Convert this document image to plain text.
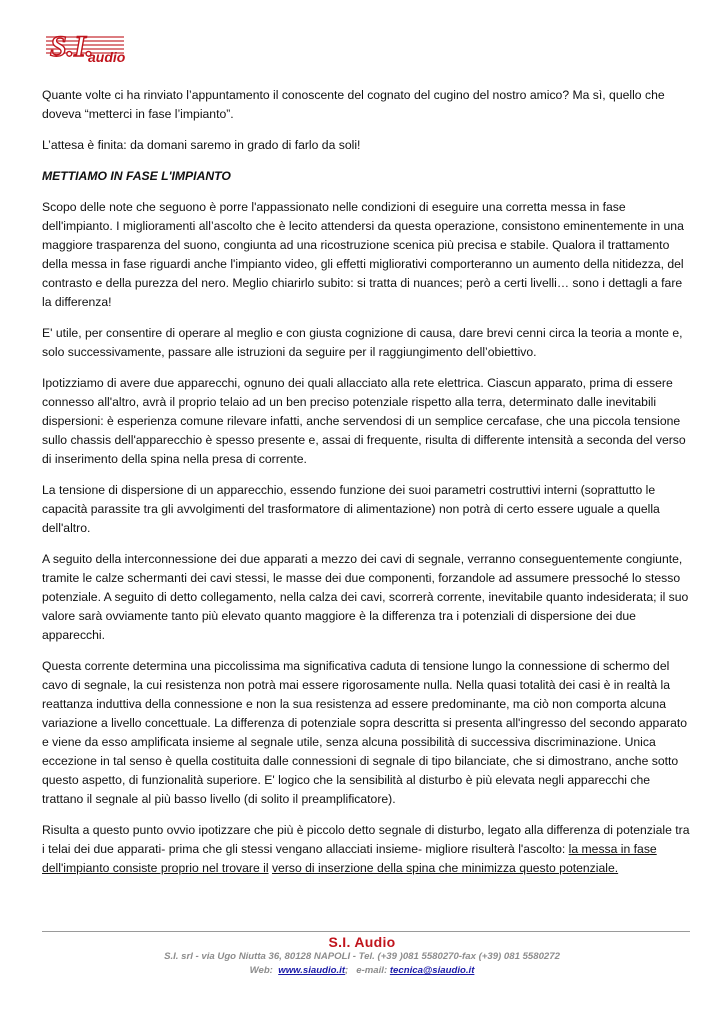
S.I.
audio

Quante volte ci ha rinviato l’appuntamento il conoscente del cognato del cugino del nostro amico? Ma sì, quello che doveva “metterci in fase l’impianto”.

L’attesa è finita: da domani saremo in grado di farlo da soli!

METTIAMO IN FASE L'IMPIANTO

Scopo delle note che seguono è porre l'appassionato nelle condizioni di eseguire una corretta messa in fase dell'impianto. I miglioramenti all’ascolto che è lecito attendersi da questa operazione, consistono eminentemente in una maggiore trasparenza del suono, congiunta ad una ricostruzione scenica più precisa e stabile. Qualora il trattamento della messa in fase riguardi anche l'impianto video, gli effetti migliorativi comporteranno un aumento della nitidezza, del contrasto e della purezza del nero. Meglio chiarirlo subito: si tratta di nuances; però a certi livelli… sono i dettagli a fare la differenza!

E' utile, per consentire di operare al meglio e con giusta cognizione di causa, dare brevi cenni circa la teoria a monte e, solo successivamente, passare alle istruzioni da seguire per il raggiungimento dell’obiettivo.

Ipotizziamo di avere due apparecchi, ognuno dei quali allacciato alla rete elettrica. Ciascun apparato, prima di essere connesso all'altro, avrà il proprio telaio ad un ben preciso potenziale rispetto alla terra, determinato dalle inevitabili dispersioni: è esperienza comune rilevare infatti, anche servendosi di un semplice cercafase, che una piccola tensione sullo chassis dell'apparecchio è spesso presente e, assai di frequente, risulta di differente intensità a seconda del verso di inserimento della spina nella presa di corrente.

La tensione di dispersione di un apparecchio, essendo funzione dei suoi parametri costruttivi interni (soprattutto le capacità parassite tra gli avvolgimenti del trasformatore di alimentazione) non potrà di certo essere uguale a quella dell'altro.

A seguito della interconnessione dei due apparati a mezzo dei cavi di segnale, verranno conseguentemente congiunte, tramite le calze schermanti dei cavi stessi, le masse dei due componenti, forzandole ad assumere pressoché lo stesso potenziale. A seguito di detto collegamento, nella calza dei cavi, scorrerà corrente, inevitabile quanto indesiderata; il suo valore sarà ovviamente tanto più elevato quanto maggiore è la differenza tra i potenziali di dispersione dei due apparecchi.

Questa corrente determina una piccolissima ma significativa caduta di tensione lungo la connessione di schermo del cavo di segnale, la cui resistenza non potrà mai essere rigorosamente nulla. Nella quasi totalità dei casi è in realtà la reattanza induttiva della connessione e non la sua resistenza ad essere predominante, ma ciò non comporta alcuna variazione a livello concettuale. La differenza di potenziale sopra descritta si presenta all'ingresso del secondo apparato e viene da esso amplificata insieme al segnale utile, senza alcuna possibilità di successiva discriminazione. Unica eccezione in tal senso è quella costituita dalle connessioni di segnale di tipo bilanciate, che si dimostrano, anche sotto questo aspetto, di funzionalità superiore. E' logico che la sensibilità al disturbo è più elevata negli apparecchi che trattano il segnale al più basso livello (di solito il preamplificatore).

Risulta a questo punto ovvio ipotizzare che più è piccolo detto segnale di disturbo, legato alla differenza di potenziale tra i telai dei due apparati- prima che gli stessi vengano allacciati insieme- migliore risulterà l'ascolto: la messa in fase dell'impianto consiste proprio nel trovare il verso di inserzione della spina che minimizza questo potenziale.

S.I. Audio
S.I. srl - via Ugo Niutta 36, 80128 NAPOLI - Tel. (+39 )081 5580270-fax (+39) 081 5580272
Web: www.siaudio.it; e-mail: tecnica@siaudio.it
